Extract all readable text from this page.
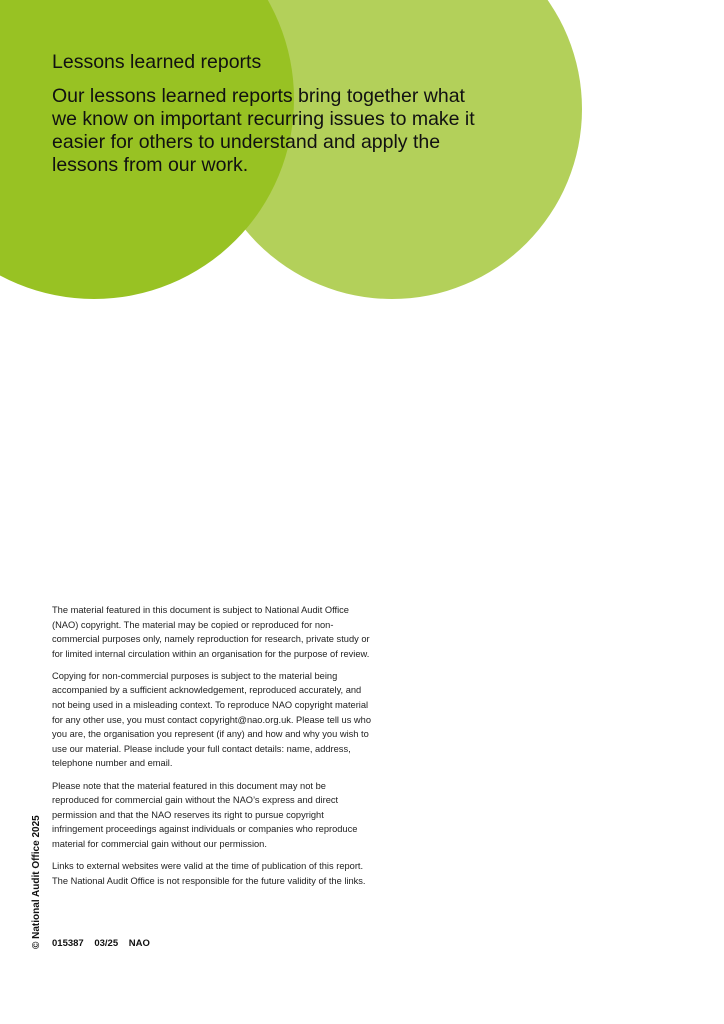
Lessons learned reports

Our lessons learned reports bring together what we know on important recurring issues to make it easier for others to understand and apply the lessons from our work.

The material featured in this document is subject to National Audit Office (NAO) copyright. The material may be copied or reproduced for non-commercial purposes only, namely reproduction for research, private study or for limited internal circulation within an organisation for the purpose of review.

Copying for non-commercial purposes is subject to the material being accompanied by a sufficient acknowledgement, reproduced accurately, and not being used in a misleading context. To reproduce NAO copyright material for any other use, you must contact copyright@nao.org.uk. Please tell us who you are, the organisation you represent (if any) and how and why you wish to use our material. Please include your full contact details: name, address, telephone number and email.

Please note that the material featured in this document may not be reproduced for commercial gain without the NAO’s express and direct permission and that the NAO reserves its right to pursue copyright infringement proceedings against individuals or companies who reproduce material for commercial gain without our permission.

Links to external websites were valid at the time of publication of this report. The National Audit Office is not responsible for the future validity of the links.

015387 03/25 NAO
© National Audit Office 2025
